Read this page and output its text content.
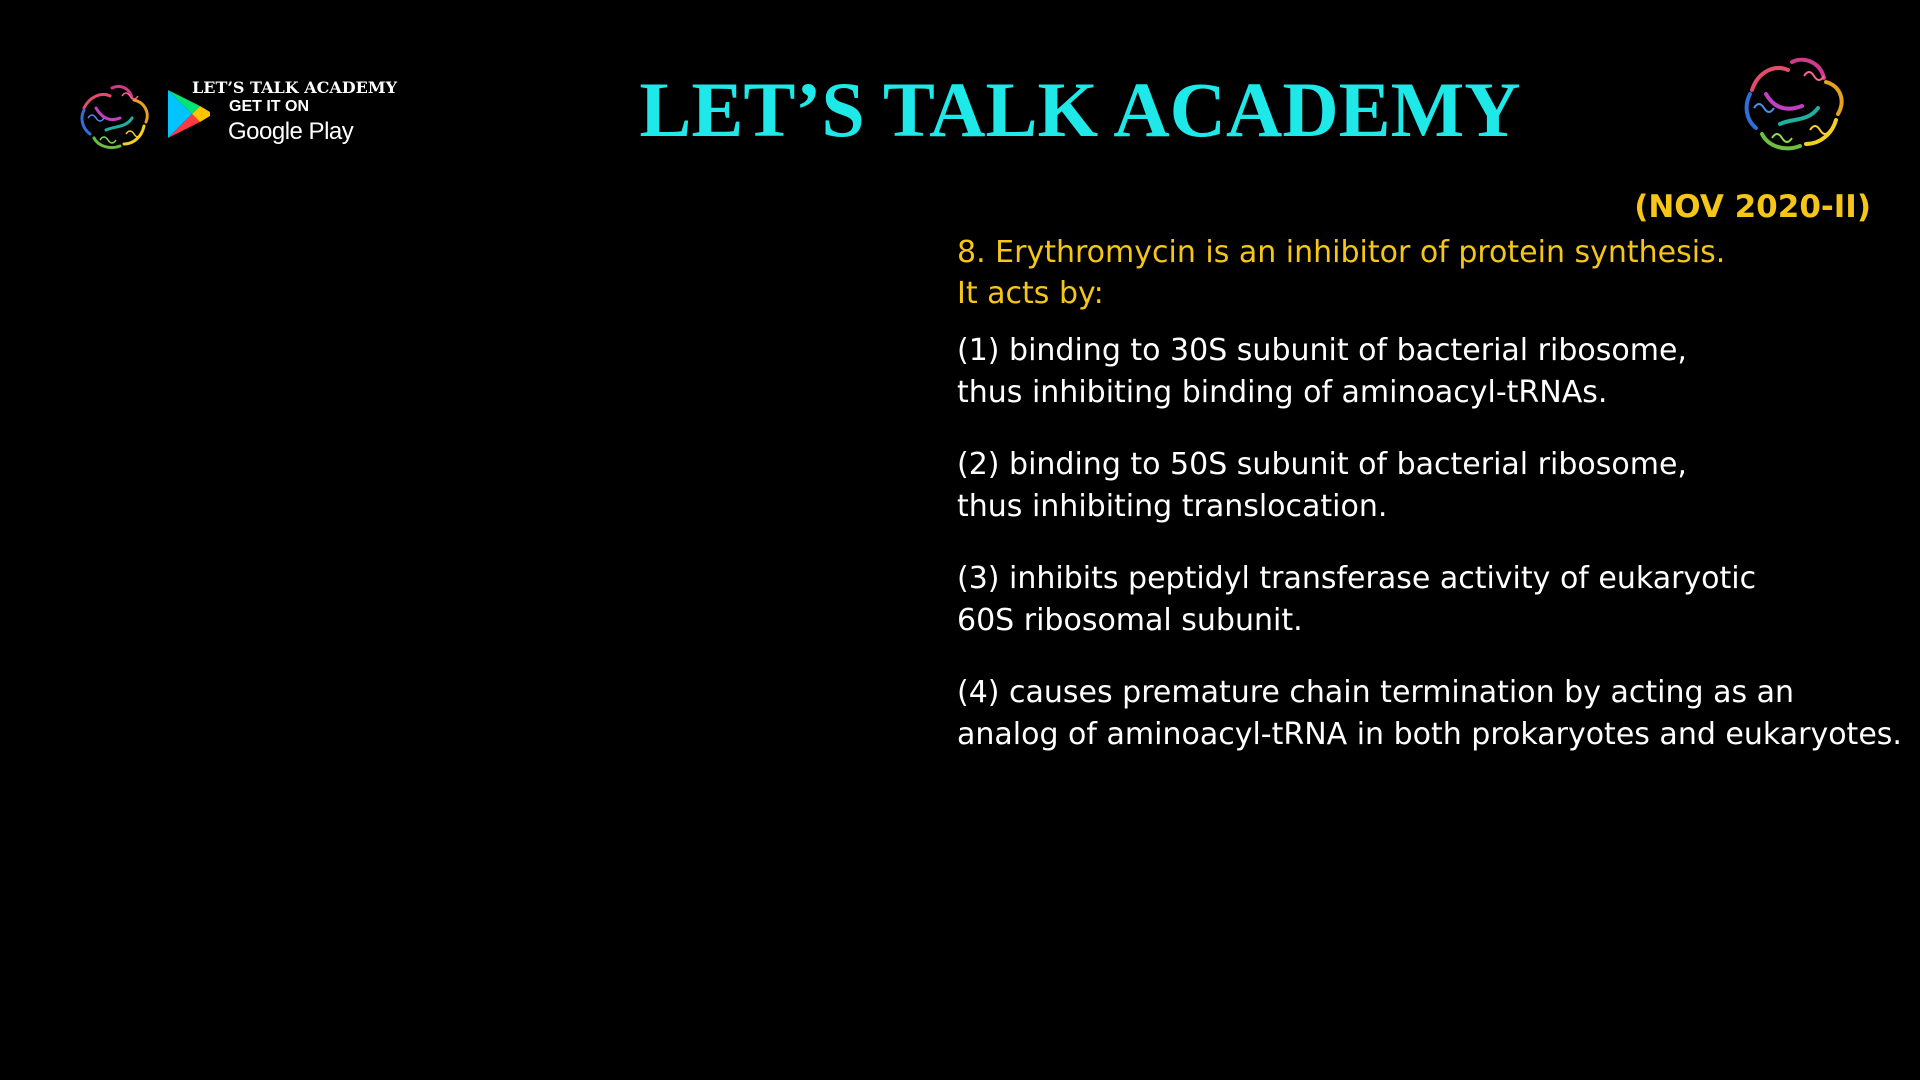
LET’S TALK ACADEMY
GET IT ON
Google Play	LET’S TALK ACADEMY
(NOV 2020-II)
8. Erythromycin is an inhibitor of protein synthesis.
It acts by:
(1) binding to 30S subunit of bacterial ribosome,
thus inhibiting binding of aminoacyl-tRNAs.
(2) binding to 50S subunit of bacterial ribosome,
thus inhibiting translocation.
(3) inhibits peptidyl transferase activity of eukaryotic
60S ribosomal subunit.
(4) causes premature chain termination by acting as an
analog of aminoacyl-tRNA in both prokaryotes and eukaryotes.
